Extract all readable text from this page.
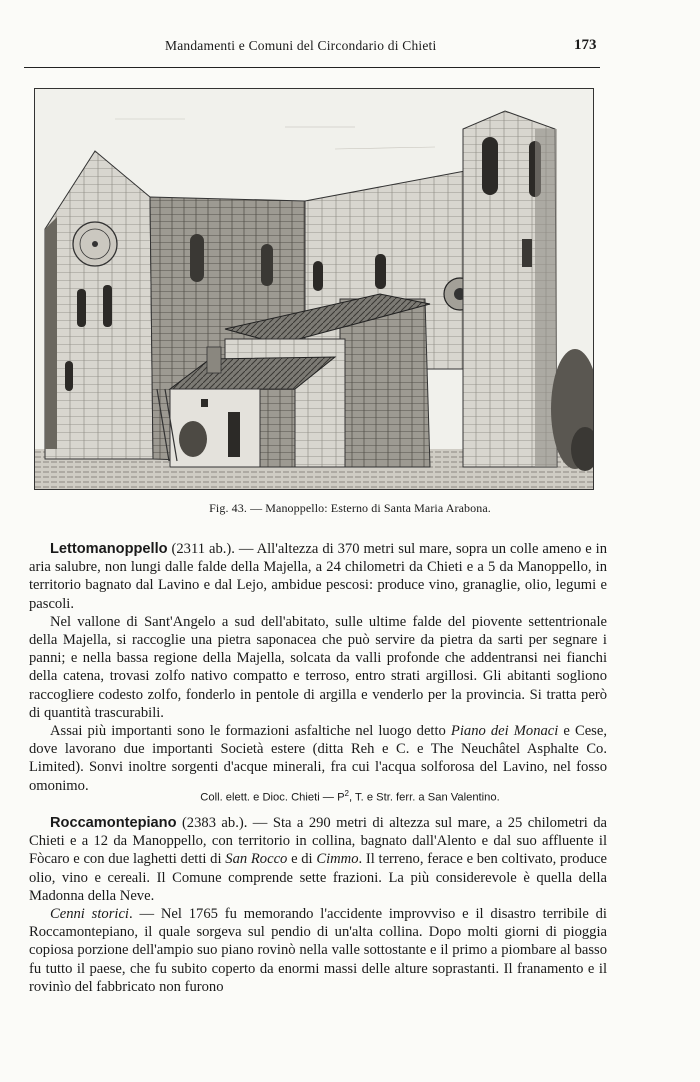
Mandamenti e Comuni del Circondario di Chieti	173
Fig. 43. — Manoppello: Esterno di Santa Maria Arabona.

Lettomanoppello (2311 ab.). — All'altezza di 370 metri sul mare, sopra un colle ameno e in aria salubre, non lungi dalle falde della Majella, a 24 chilometri da Chieti e a 5 da Manoppello, in territorio bagnato dal Lavino e dal Lejo, ambidue pescosi: produce vino, granaglie, olio, legumi e pascoli.

Nel vallone di Sant'Angelo a sud dell'abitato, sulle ultime falde del piovente settentrionale della Majella, si raccoglie una pietra saponacea che può servire da pietra da sarti per segnare i panni; e nella bassa regione della Majella, solcata da valli profonde che addentransi nei fianchi della catena, trovasi zolfo nativo compatto e terroso, entro strati argillosi. Gli abitanti sogliono raccogliere codesto zolfo, fonderlo in pentole di argilla e venderlo per la provincia. Si tratta però di quantità trascurabili.

Assai più importanti sono le formazioni asfaltiche nel luogo detto Piano dei Monaci e Cese, dove lavorano due importanti Società estere (ditta Reh e C. e The Neuchâtel Asphalte Co. Limited). Sonvi inoltre sorgenti d'acque minerali, fra cui l'acqua solforosa del Lavino, nel fosso omonimo.

Coll. elett. e Dioc. Chieti — $P^2$, T. e Str. ferr. a San Valentino.

Roccamontepiano (2383 ab.). — Sta a 290 metri di altezza sul mare, a 25 chilometri da Chieti e a 12 da Manoppello, con territorio in collina, bagnato dall'Alento e dal suo affluente il Fòcaro e con due laghetti detti di San Rocco e di Cimmo. Il terreno, ferace e ben coltivato, produce olio, vino e cereali. Il Comune comprende sette frazioni. La più considerevole è quella della Madonna della Neve.

Cenni storici. — Nel 1765 fu memorando l'accidente improvviso e il disastro terribile di Roccamontepiano, il quale sorgeva sul pendio di un'alta collina. Dopo molti giorni di pioggia copiosa porzione dell'ampio suo piano rovinò nella valle sottostante e il primo a piombare al basso fu tutto il paese, che fu subito coperto da enormi massi delle alture soprastanti. Il franamento e il rovinìo del fabbricato non furono
